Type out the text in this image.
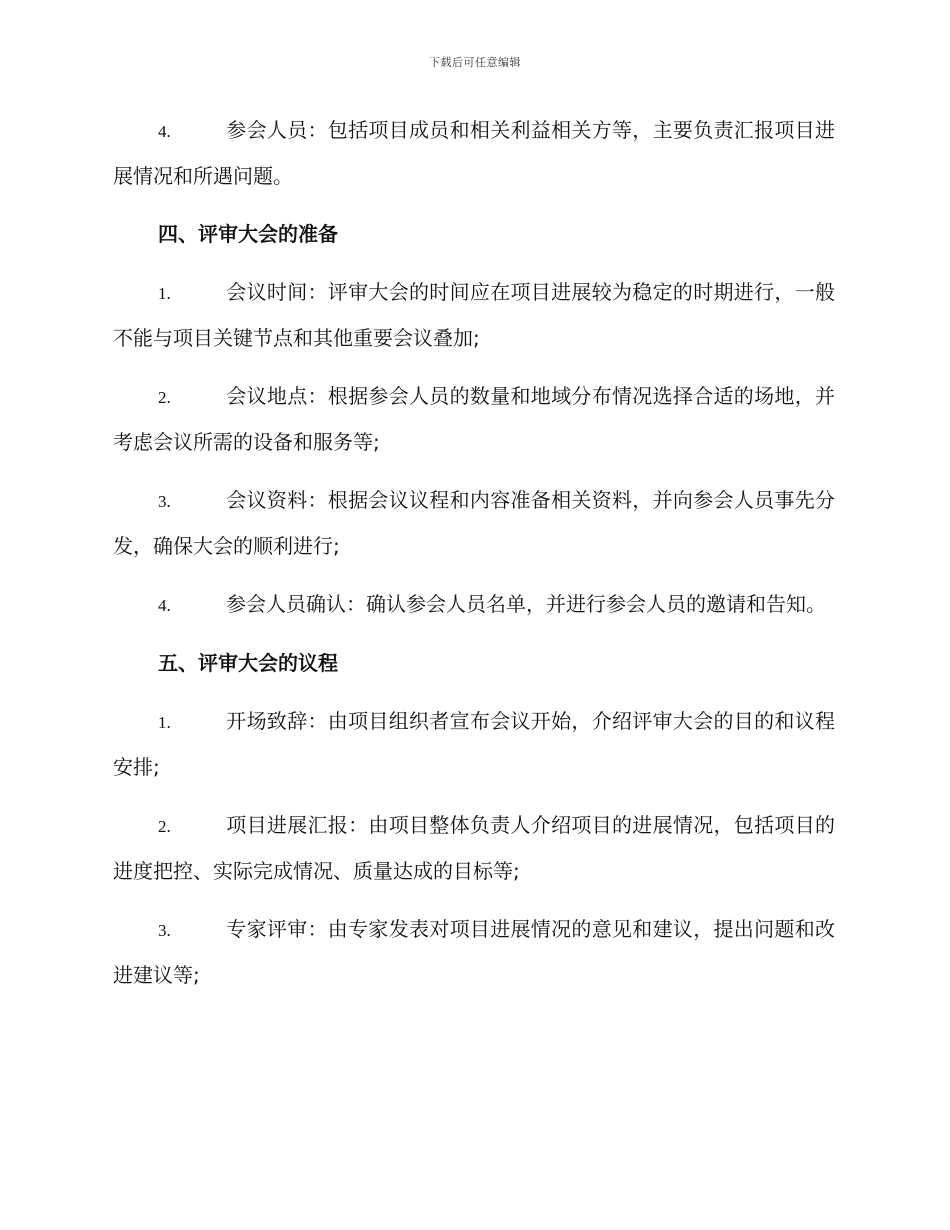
下载后可任意编辑

4.	参会人员：包括项目成员和相关利益相关方等，主要负责汇报项目进展情况和所遇问题。

四、评审大会的准备

1.	会议时间：评审大会的时间应在项目进展较为稳定的时期进行，一般不能与项目关键节点和其他重要会议叠加;

2.	会议地点：根据参会人员的数量和地域分布情况选择合适的场地，并考虑会议所需的设备和服务等;

3.	会议资料：根据会议议程和内容准备相关资料，并向参会人员事先分发，确保大会的顺利进行;

4.	参会人员确认：确认参会人员名单，并进行参会人员的邀请和告知。

五、评审大会的议程

1.	开场致辞：由项目组织者宣布会议开始，介绍评审大会的目的和议程安排;

2.	项目进展汇报：由项目整体负责人介绍项目的进展情况，包括项目的进度把控、实际完成情况、质量达成的目标等;

3.	专家评审：由专家发表对项目进展情况的意见和建议，提出问题和改进建议等;
